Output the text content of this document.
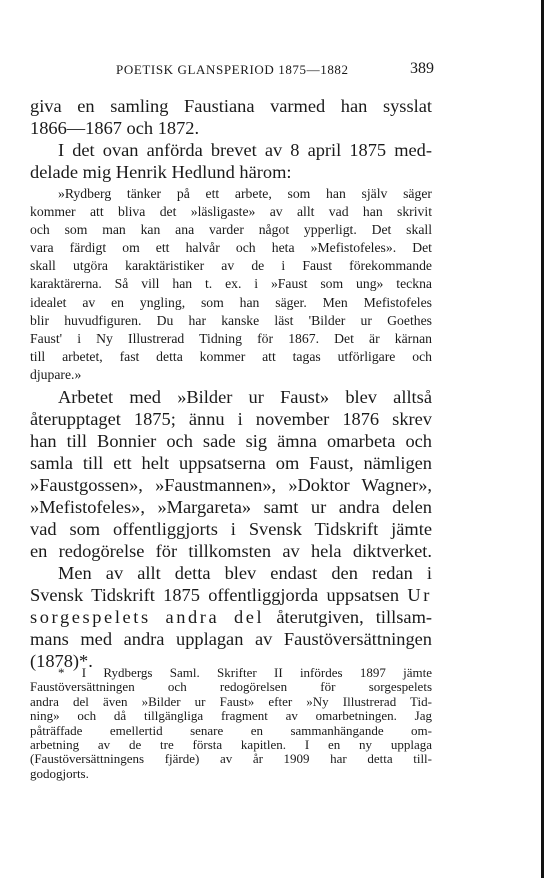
POETISK GLANSPERIOD 1875—1882	389
giva en samling Faustiana varmed han sysslat
1866—1867 och 1872.
I det ovan anförda brevet av 8 april 1875 med-
delade mig Henrik Hedlund härom:
»Rydberg tänker på ett arbete, som han själv säger
kommer att bliva det »läsligaste» av allt vad han skrivit
och som man kan ana varder något ypperligt. Det skall
vara färdigt om ett halvår och heta »Mefistofeles». Det
skall utgöra karaktäristiker av de i Faust förekommande
karaktärerna. Så vill han t. ex. i »Faust som ung» teckna
idealet av en yngling, som han säger. Men Mefistofeles
blir huvudfiguren. Du har kanske läst 'Bilder ur Goethes
Faust' i Ny Illustrerad Tidning för 1867. Det är kärnan
till arbetet, fast detta kommer att tagas utförligare och
djupare.»
Arbetet med »Bilder ur Faust» blev alltså
återupptaget 1875; ännu i november 1876 skrev
han till Bonnier och sade sig ämna omarbeta och
samla till ett helt uppsatserna om Faust, nämligen
»Faustgossen», »Faustmannen», »Doktor Wagner»,
»Mefistofeles», »Margareta» samt ur andra delen
vad som offentliggjorts i Svensk Tidskrift jämte
en redogörelse för tillkomsten av hela diktverket.
Men av allt detta blev endast den redan i
Svensk Tidskrift 1875 offentliggjorda uppsatsen Ur
sorgespelets andra del återutgiven, tillsam-
mans med andra upplagan av Faustöversättningen
(1878)*.
* I Rydbergs Saml. Skrifter II infördes 1897 jämte
Faustöversättningen och redogörelsen för sorgespelets
andra del även »Bilder ur Faust» efter »Ny Illustrerad Tid-
ning» och då tillgängliga fragment av omarbetningen. Jag
påträffade emellertid senare en sammanhängande om-
arbetning av de tre första kapitlen. I en ny upplaga
(Faustöversättningens fjärde) av år 1909 har detta till-
godogjorts.
